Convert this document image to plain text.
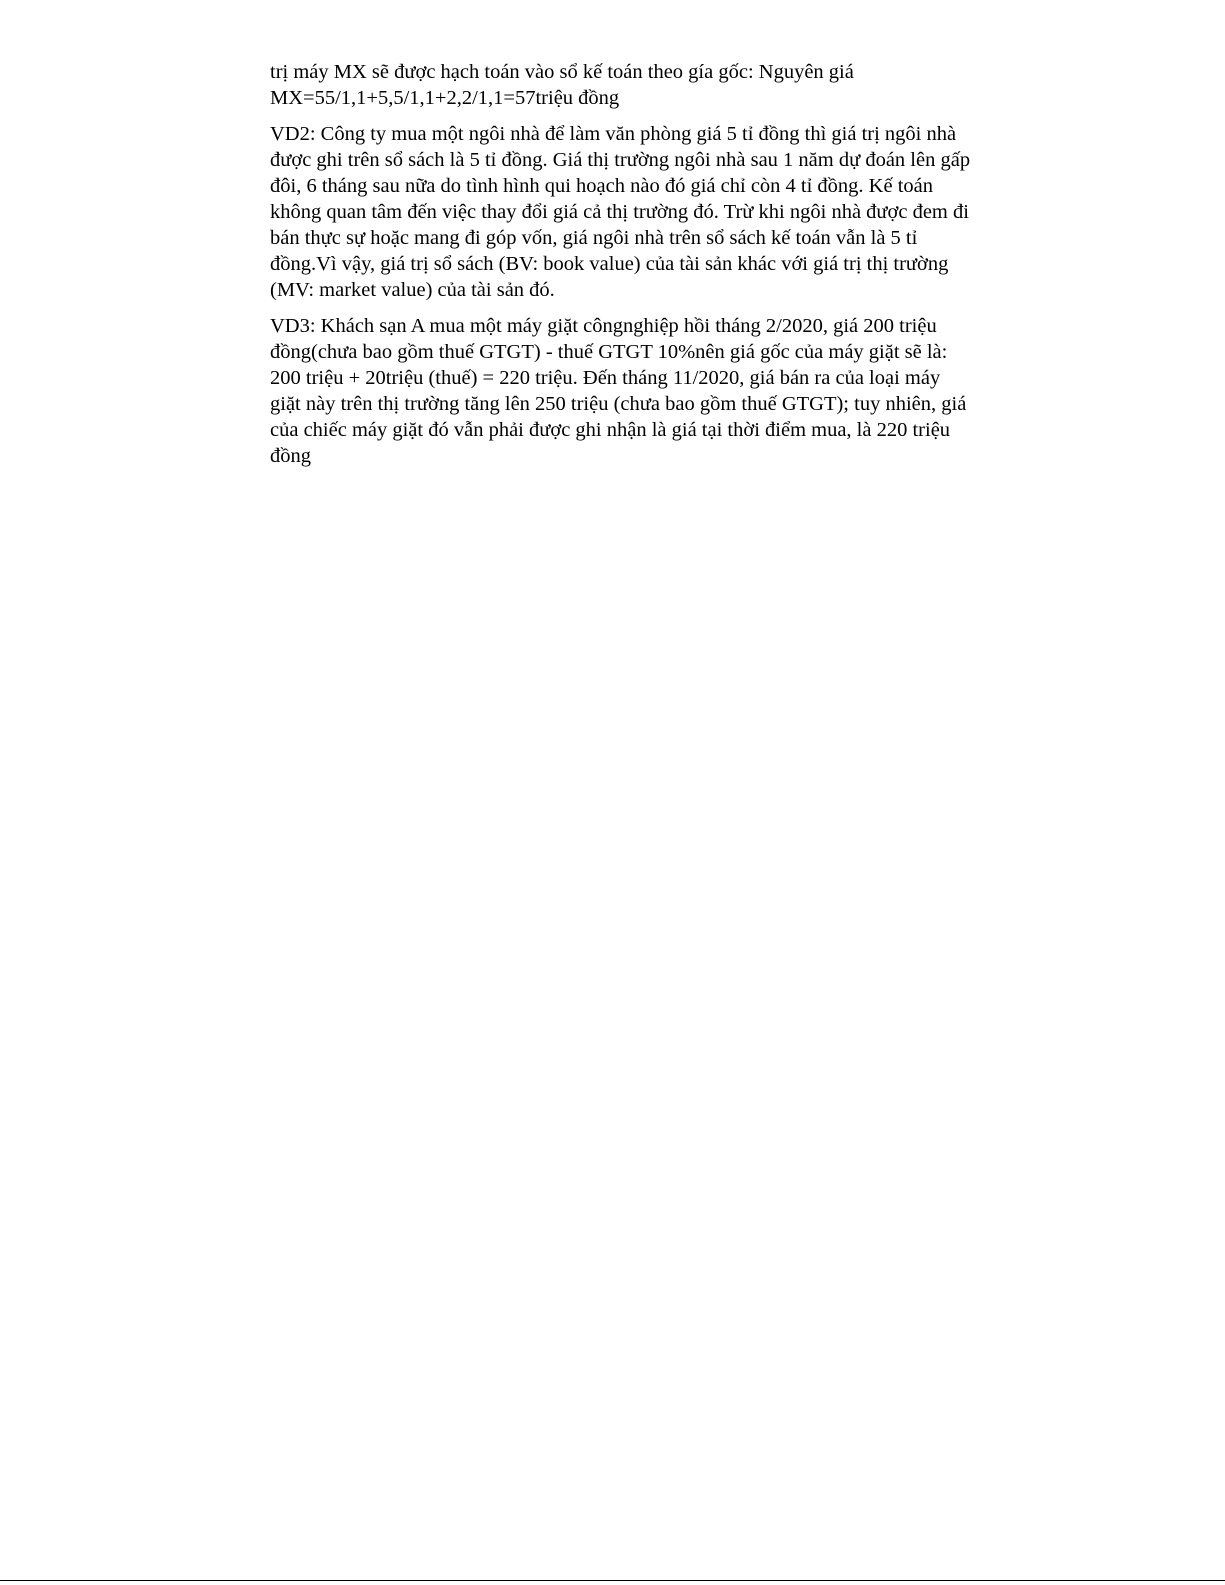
trị máy MX sẽ được hạch toán vào sổ kế toán theo gía gốc: Nguyên giá
MX=55/1,1+5,5/1,1+2,2/1,1=57triệu đồng

VD2: Công ty mua một ngôi nhà để làm văn phòng giá 5 tỉ đồng thì giá trị ngôi nhà
được ghi trên sổ sách là 5 tỉ đồng. Giá thị trường ngôi nhà sau 1 năm dự đoán lên gấp
đôi, 6 tháng sau nữa do tình hình qui hoạch nào đó giá chỉ còn 4 tỉ đồng. Kế toán
không quan tâm đến việc thay đổi giá cả thị trường đó. Trừ khi ngôi nhà được đem đi
bán thực sự hoặc mang đi góp vốn, giá ngôi nhà trên sổ sách kế toán vẫn là 5 tỉ
đồng.Vì vậy, giá trị sổ sách (BV: book value) của tài sản khác với giá trị thị trường
(MV: market value) của tài sản đó.

VD3: Khách sạn A mua một máy giặt côngnghiệp hồi tháng 2/2020, giá 200 triệu
đồng(chưa bao gồm thuế GTGT) - thuế GTGT 10%nên giá gốc của máy giặt sẽ là:
200 triệu + 20triệu (thuế) = 220 triệu. Đến tháng 11/2020, giá bán ra của loại máy
giặt này trên thị trường tăng lên 250 triệu (chưa bao gồm thuế GTGT); tuy nhiên, giá
của chiếc máy giặt đó vẫn phải được ghi nhận là giá tại thời điểm mua, là 220 triệu
đồng
